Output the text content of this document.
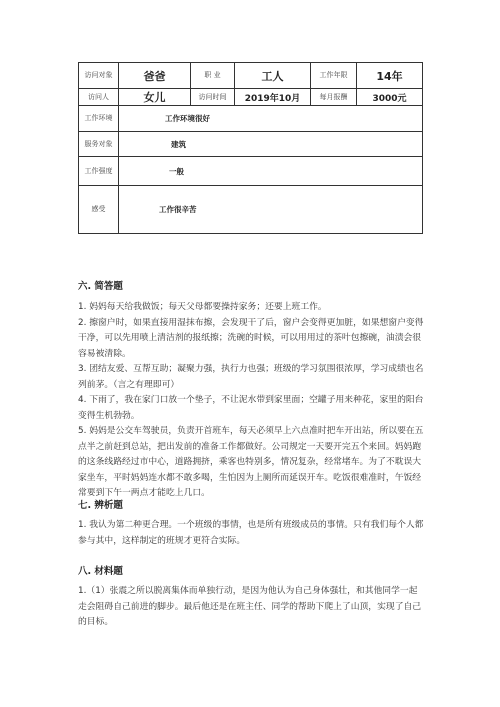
访问对象	爸爸	职 业	工人	工作年限	14年
访问人	女儿	访问时间	2019年10月	每月报酬	3000元
工作环境	工作环境很好				
服务对象	建筑				
工作强度	一般				
感受	工作很辛苦				
六. 简答题

1. 妈妈每天给我做饭；每天父母都要操持家务；还要上班工作。

2. 擦窗户时，如果直接用湿抹布擦，会发现干了后，窗户会变得更加脏，如果想窗户变得干净，可以先用喷上清洁剂的报纸擦；洗碗的时候，可以用用过的茶叶包擦碗，油渍会很容易被清除。

3. 团结友爱、互帮互助；凝聚力强，执行力也强；班级的学习氛围很浓厚，学习成绩也名列前茅。（言之有理即可）

4. 下雨了，我在家门口放一个垫子，不让泥水带到家里面；空罐子用来种花，家里的阳台变得生机勃勃。

5. 妈妈是公交车驾驶员，负责开首班车，每天必须早上六点准时把车开出站，所以要在五点半之前赶到总站，把出发前的准备工作都做好。公司规定一天要开完五个来回。妈妈跑的这条线路经过市中心，道路拥挤，乘客也特别多，情况复杂，经常堵车。为了不耽误大家坐车，平时妈妈连水都不敢多喝，生怕因为上厕所而延误开车。吃饭很难准时，午饭经常要到下午一两点才能吃上几口。

七. 辨析题

1. 我认为第二种更合理。一个班级的事情，也是所有班级成员的事情。只有我们每个人都参与其中，这样制定的班规才更符合实际。

八. 材料题

1.（1）张震之所以脱离集体而单独行动，是因为他认为自己身体强壮，和其他同学一起走会阻碍自己前进的脚步。最后他还是在班主任、同学的帮助下爬上了山顶，实现了自己的目标。
